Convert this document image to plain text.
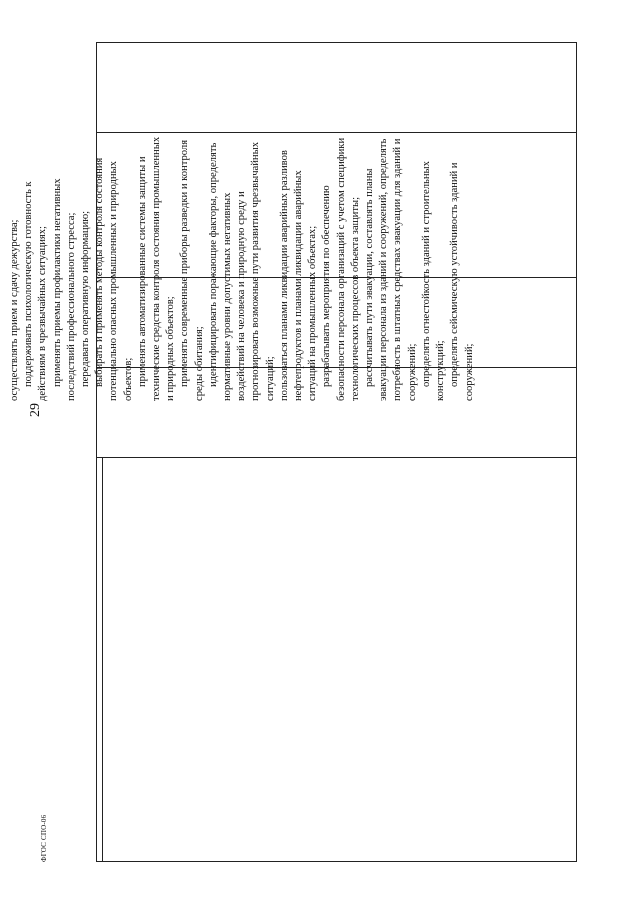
29
осуществлять прием и сдачу дежурства; поддерживать психологическую готовность к действиям в чрезвычайных ситуациях; применять приемы профилактики негативных последствий профессионального стресса; передавать оперативную информацию; выбирать и применять методы контроля состояния потенциально опасных промышленных и природных объектов; применять автоматизированные системы защиты и технические средства контроля состояния промышленных и природных объектов; применять современные приборы разведки и контроля среды обитания; идентифицировать поражающие факторы, определять нормативные уровни допустимых негативных воздействий на человека и природную среду и прогнозировать возможные пути развития чрезвычайных ситуаций; пользоваться планами ликвидации аварийных разливов нефтепродуктов и планами ликвидации аварийных ситуаций на промышленных объектах; разрабатывать мероприятия по обеспечению безопасности персонала организаций с учетом специфики технологических процессов объекта защиты; рассчитывать пути эвакуации, составлять планы эвакуации персонала из зданий и сооружений, определять потребность в штатных средствах эвакуации для зданий и сооружений; определять огнестойкость зданий и строительных конструкций; определять сейсмическую устойчивость зданий и сооружений;
ФГОС СПО-06
